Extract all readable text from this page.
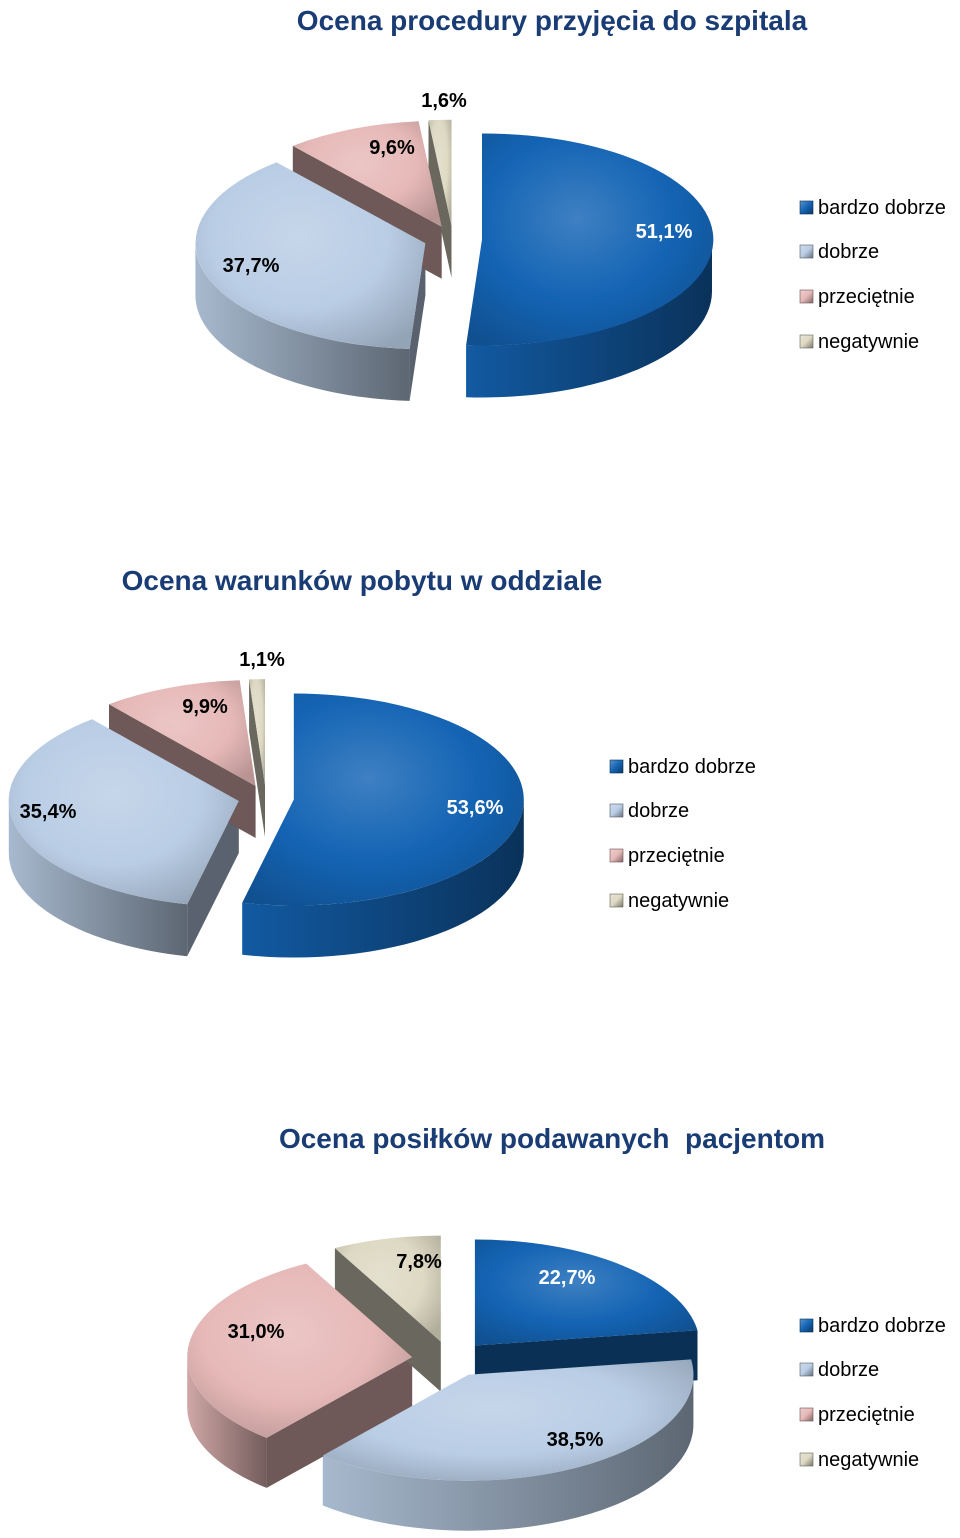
Ocena procedury przyjęcia do szpitala
51,1%
37,7%
9,6%
1,6%
bardzo dobrze
dobrze
przeciętnie
negatywnie
Ocena warunków pobytu w oddziale
53,6%
35,4%
9,9%
1,1%
bardzo dobrze
dobrze
przeciętnie
negatywnie
Ocena posiłków podawanych  pacjentom
22,7%
38,5%
31,0%
7,8%
bardzo dobrze
dobrze
przeciętnie
negatywnie
